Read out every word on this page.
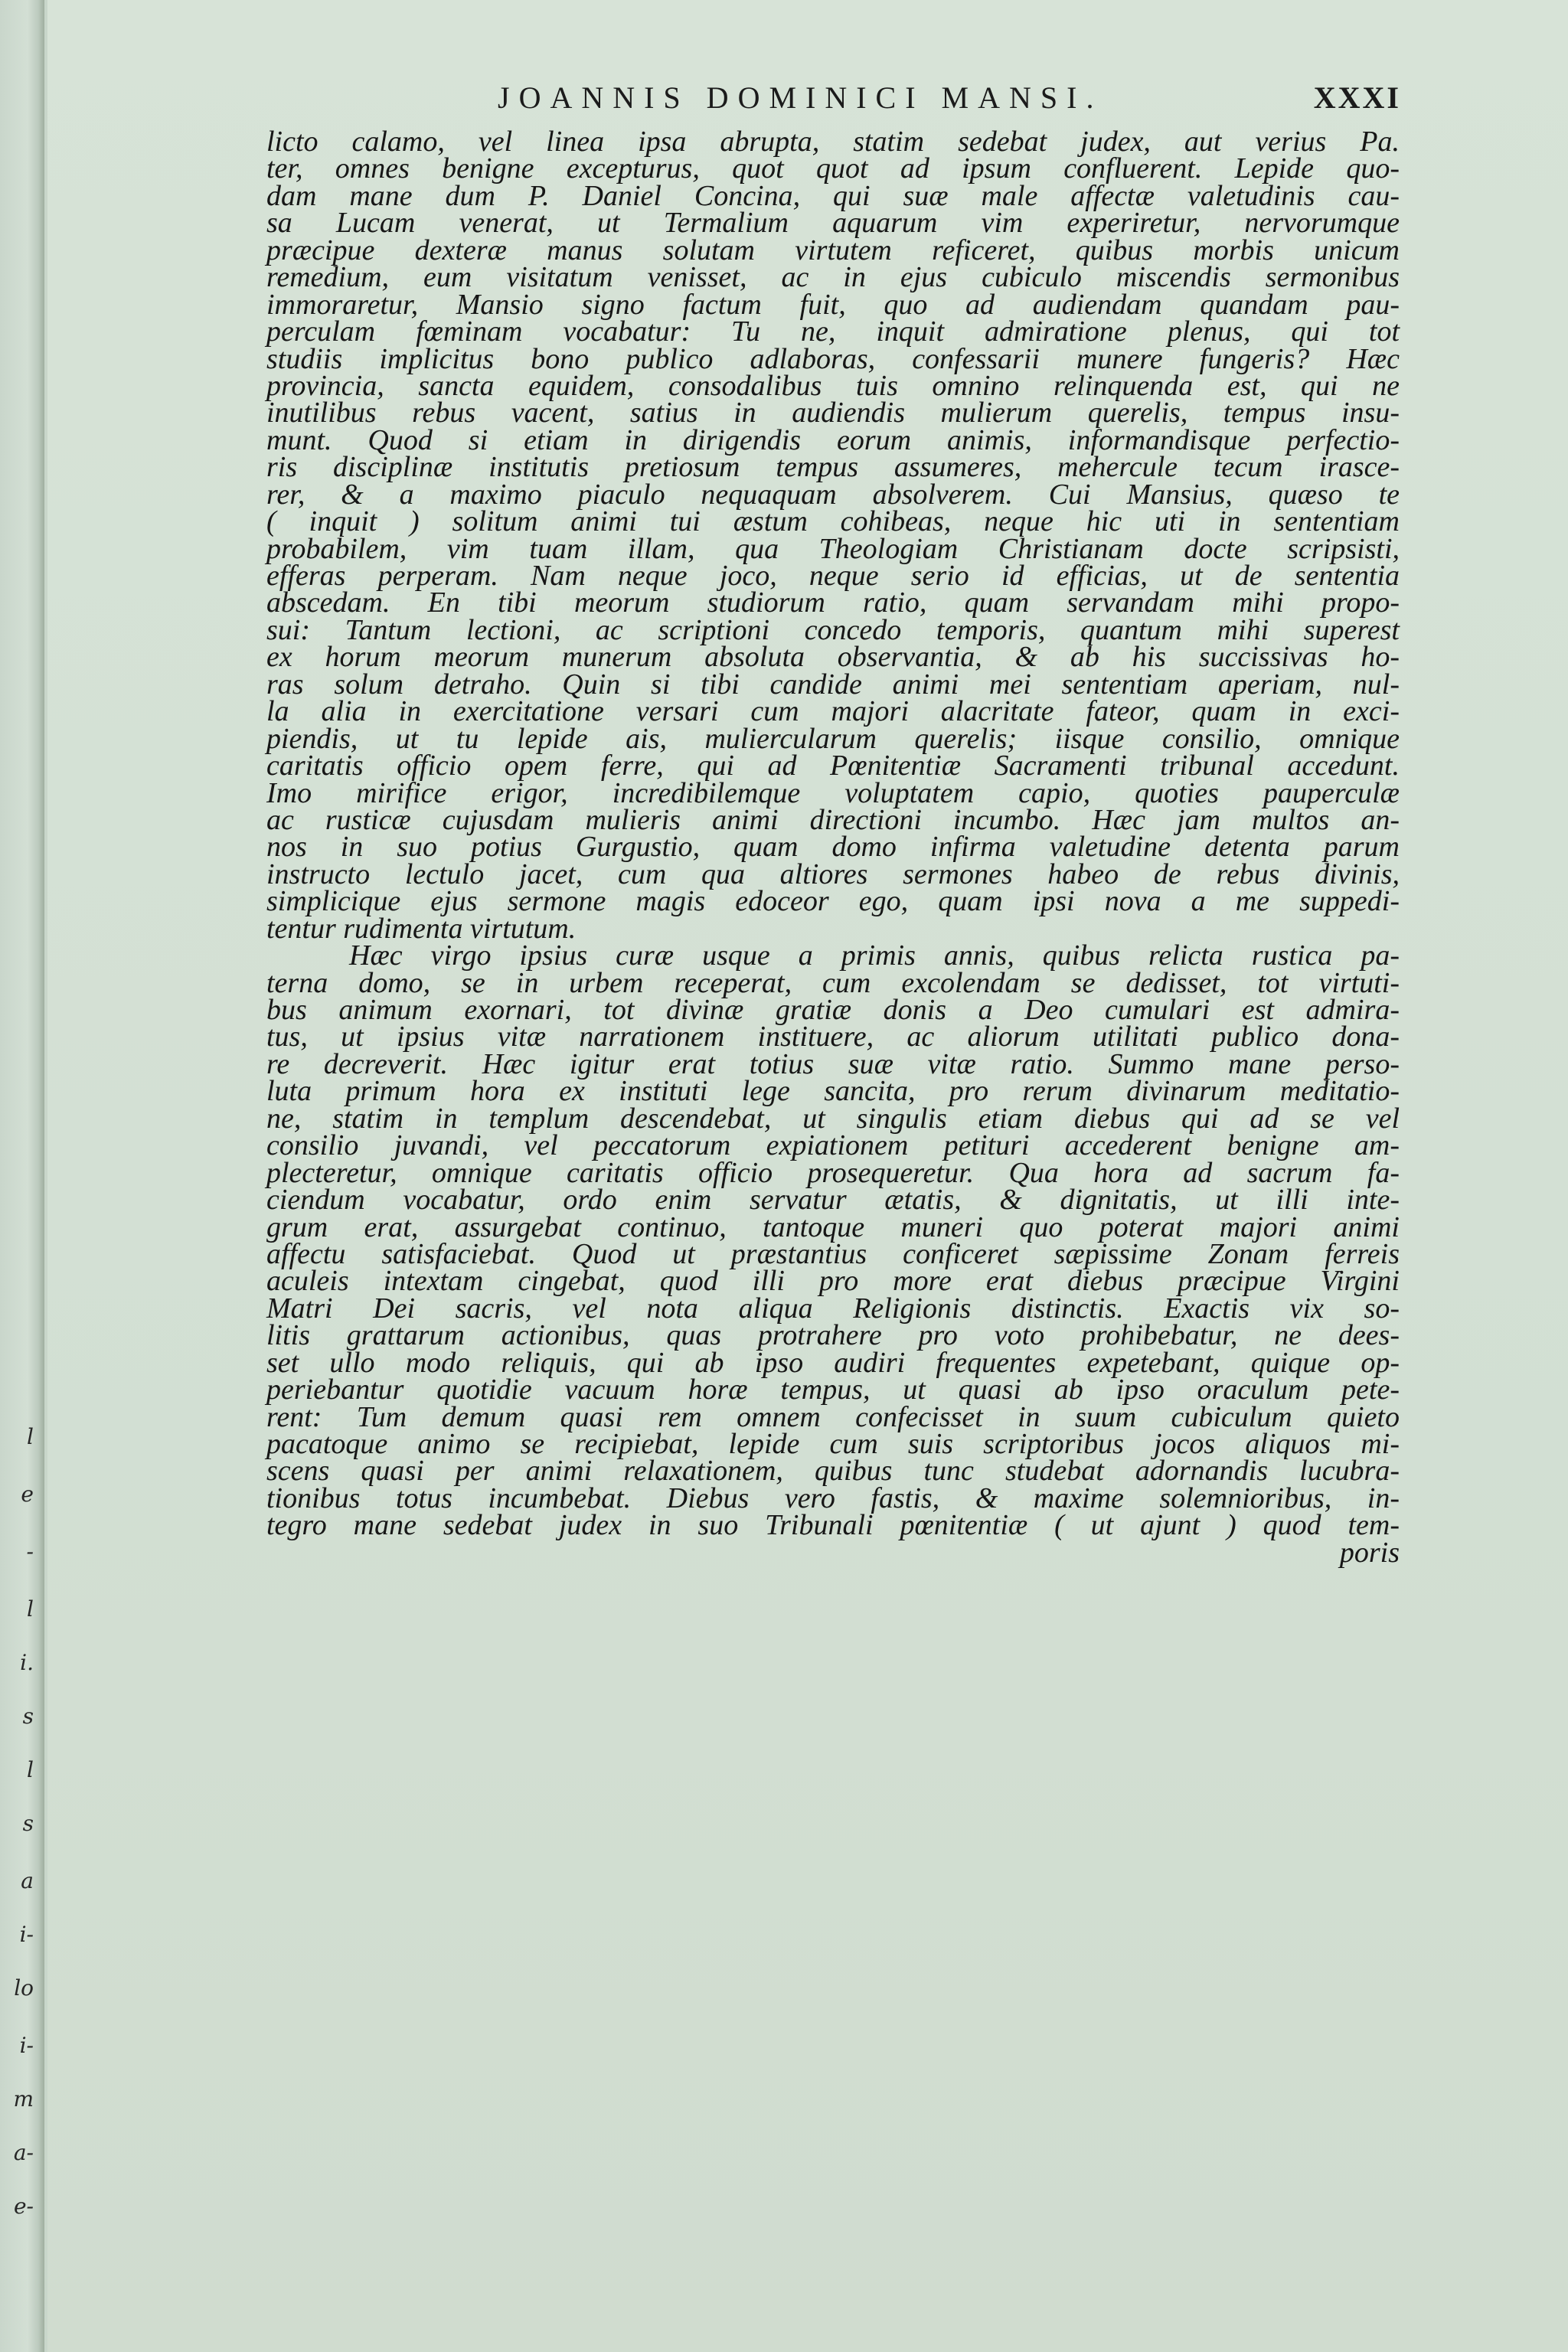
l
e
-
l
i.
s
l
s
a
i-
lo
i-
m
a-
e-
JOANNIS DOMINICI MANSI.	XXXI
licto calamo, vel linea ipsa abrupta, statim sedebat judex, aut verius Pa.
ter, omnes benigne excepturus, quot quot ad ipsum confluerent. Lepide quo-
dam mane dum P. Daniel Concina, qui suæ male affectæ valetudinis cau-
sa Lucam venerat, ut Termalium aquarum vim experiretur, nervorumque
præcipue dexteræ manus solutam virtutem reficeret, quibus morbis unicum
remedium, eum visitatum venisset, ac in ejus cubiculo miscendis sermonibus
immoraretur, Mansio signo factum fuit, quo ad audiendam quandam pau-
perculam fœminam vocabatur: Tu ne, inquit admiratione plenus, qui tot
studiis implicitus bono publico adlaboras, confessarii munere fungeris? Hæc
provincia, sancta equidem, consodalibus tuis omnino relinquenda est, qui ne
inutilibus rebus vacent, satius in audiendis mulierum querelis, tempus insu-
munt. Quod si etiam in dirigendis eorum animis, informandisque perfectio-
ris disciplinæ institutis pretiosum tempus assumeres, mehercule tecum irasce-
rer, & a maximo piaculo nequaquam absolverem. Cui Mansius, quæso te
( inquit ) solitum animi tui æstum cohibeas, neque hic uti in sententiam
probabilem, vim tuam illam, qua Theologiam Christianam docte scripsisti,
efferas perperam. Nam neque joco, neque serio id efficias, ut de sententia
abscedam. En tibi meorum studiorum ratio, quam servandam mihi propo-
sui: Tantum lectioni, ac scriptioni concedo temporis, quantum mihi superest
ex horum meorum munerum absoluta observantia, & ab his succissivas ho-
ras solum detraho. Quin si tibi candide animi mei sententiam aperiam, nul-
la alia in exercitatione versari cum majori alacritate fateor, quam in exci-
piendis, ut tu lepide ais, muliercularum querelis; iisque consilio, omnique
caritatis officio opem ferre, qui ad Pœnitentiæ Sacramenti tribunal accedunt.
Imo mirifice erigor, incredibilemque voluptatem capio, quoties pauperculæ
ac rusticæ cujusdam mulieris animi directioni incumbo. Hæc jam multos an-
nos in suo potius Gurgustio, quam domo infirma valetudine detenta parum
instructo lectulo jacet, cum qua altiores sermones habeo de rebus divinis,
simplicique ejus sermone magis edoceor ego, quam ipsi nova a me suppedi-
tentur rudimenta virtutum.
Hæc virgo ipsius curæ usque a primis annis, quibus relicta rustica pa-
terna domo, se in urbem receperat, cum excolendam se dedisset, tot virtuti-
bus animum exornari, tot divinæ gratiæ donis a Deo cumulari est admira-
tus, ut ipsius vitæ narrationem instituere, ac aliorum utilitati publico dona-
re decreverit. Hæc igitur erat totius suæ vitæ ratio. Summo mane perso-
luta primum hora ex instituti lege sancita, pro rerum divinarum meditatio-
ne, statim in templum descendebat, ut singulis etiam diebus qui ad se vel
consilio juvandi, vel peccatorum expiationem petituri accederent benigne am-
plecteretur, omnique caritatis officio prosequeretur. Qua hora ad sacrum fa-
ciendum vocabatur, ordo enim servatur ætatis, & dignitatis, ut illi inte-
grum erat, assurgebat continuo, tantoque muneri quo poterat majori animi
affectu satisfaciebat. Quod ut præstantius conficeret sæpissime Zonam ferreis
aculeis intextam cingebat, quod illi pro more erat diebus præcipue Virgini
Matri Dei sacris, vel nota aliqua Religionis distinctis. Exactis vix so-
litis grattarum actionibus, quas protrahere pro voto prohibebatur, ne dees-
set ullo modo reliquis, qui ab ipso audiri frequentes expetebant, quique op-
periebantur quotidie vacuum horæ tempus, ut quasi ab ipso oraculum pete-
rent: Tum demum quasi rem omnem confecisset in suum cubiculum quieto
pacatoque animo se recipiebat, lepide cum suis scriptoribus jocos aliquos mi-
scens quasi per animi relaxationem, quibus tunc studebat adornandis lucubra-
tionibus totus incumbebat. Diebus vero fastis, & maxime solemnioribus, in-
tegro mane sedebat judex in suo Tribunali pœnitentiæ ( ut ajunt ) quod tem-
poris
